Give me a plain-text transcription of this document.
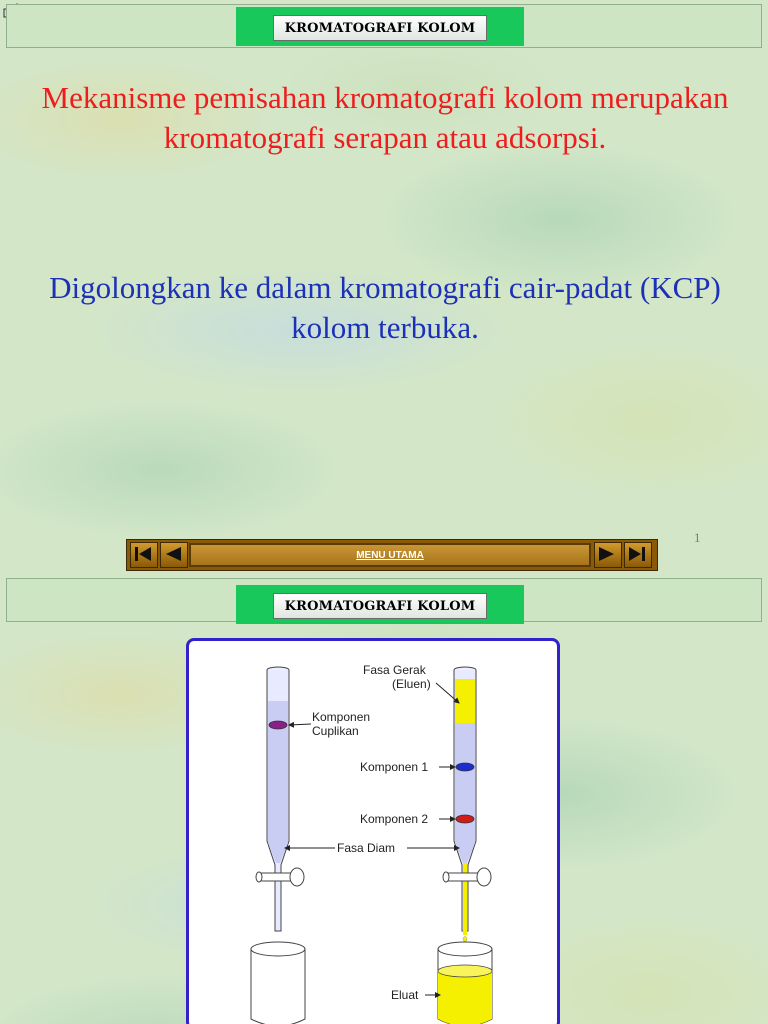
KROMATOGRAFI KOLOM
Mekanisme pemisahan kromatografi kolom merupakan kromatografi serapan atau adsorpsi.
Digolongkan ke dalam kromatografi cair-padat (KCP) kolom terbuka.
1
MENU UTAMA
KROMATOGRAFI KOLOM
Fasa Gerak
(Eluen)
Komponen
Cuplikan
Komponen 1
Komponen 2
Fasa Diam
Eluat
